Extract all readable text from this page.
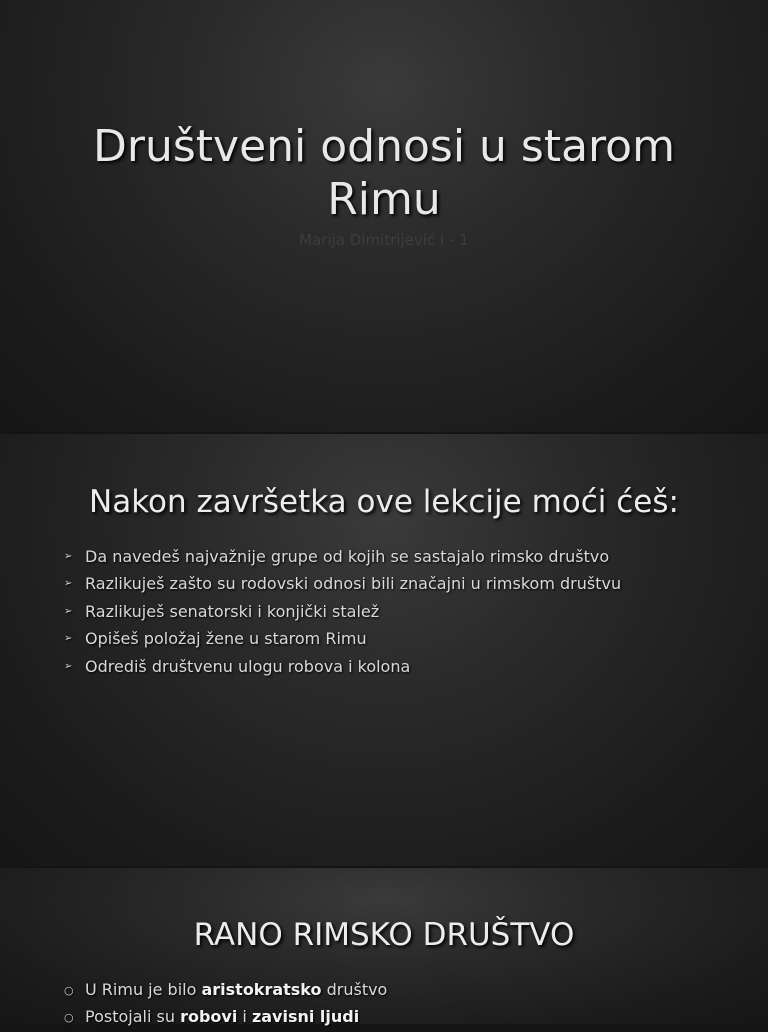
Društveni odnosi u starom
Rimu

Marija Dimitrijević I - 1

Nakon završetka ove lekcije moći ćeš:
➢ Da navedeš najvažnije grupe od kojih se sastajalo rimsko društvo
➢ Razlikuješ zašto su rodovski odnosi bili značajni u rimskom društvu
➢ Razlikuješ senatorski i konjički stalež
➢ Opišeš položaj žene u starom Rimu
➢ Odrediš društvenu ulogu robova i kolona
RANO RIMSKO DRUŠTVO
○ U Rimu je bilo aristokratsko društvo
○ Postojali su robovi i zavisni ljudi
